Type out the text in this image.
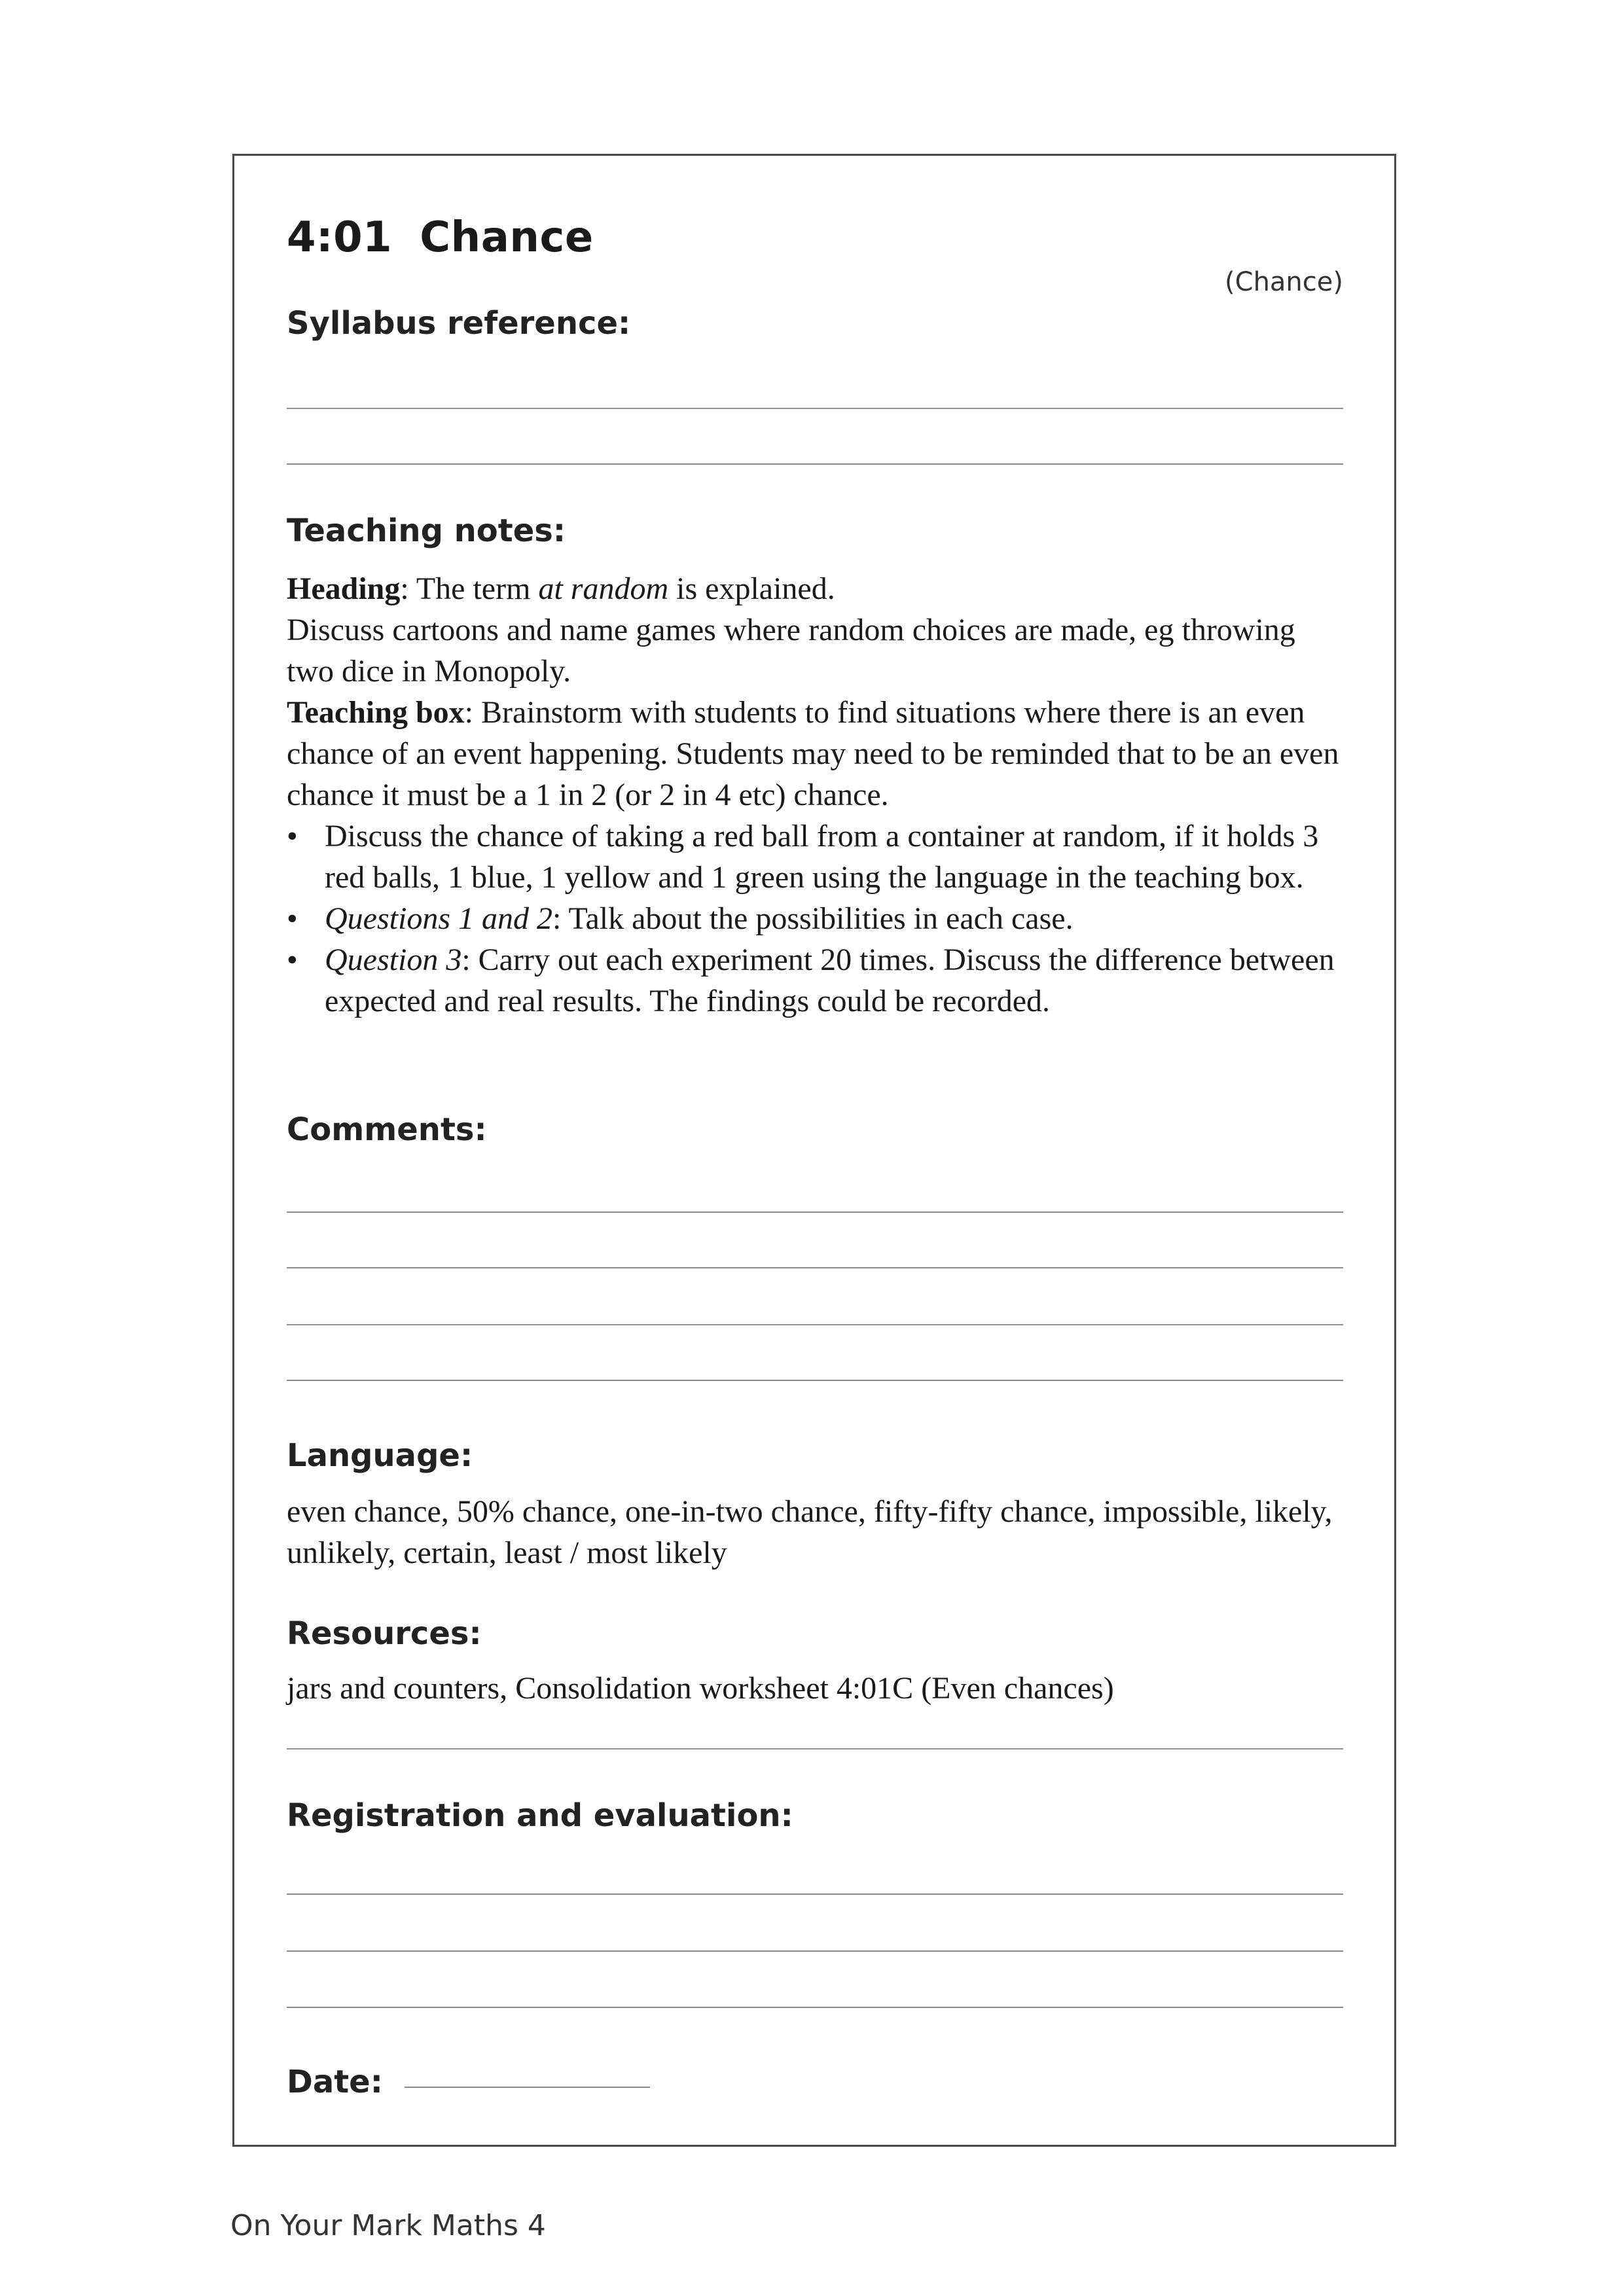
4:01 Chance
(Chance)
Syllabus reference:
Teaching notes:

Heading: The term at random is explained.

Discuss cartoons and name games where random choices are made, eg throwing two dice in Monopoly.

Teaching box: Brainstorm with students to find situations where there is an even chance of an event happening. Students may need to be reminded that to be an even chance it must be a 1 in 2 (or 2 in 4 etc) chance.

• Discuss the chance of taking a red ball from a container at random, if it holds 3 red balls, 1 blue, 1 yellow and 1 green using the language in the teaching box.
• Questions 1 and 2: Talk about the possibilities in each case.
• Question 3: Carry out each experiment 20 times. Discuss the difference between expected and real results. The findings could be recorded.
Comments:
Language:
even chance, 50% chance, one-in-two chance, fifty-fifty chance, impossible, likely, unlikely, certain, least / most likely
Resources:
jars and counters, Consolidation worksheet 4:01C (Even chances)
Registration and evaluation:
Date:
On Your Mark Maths 4
